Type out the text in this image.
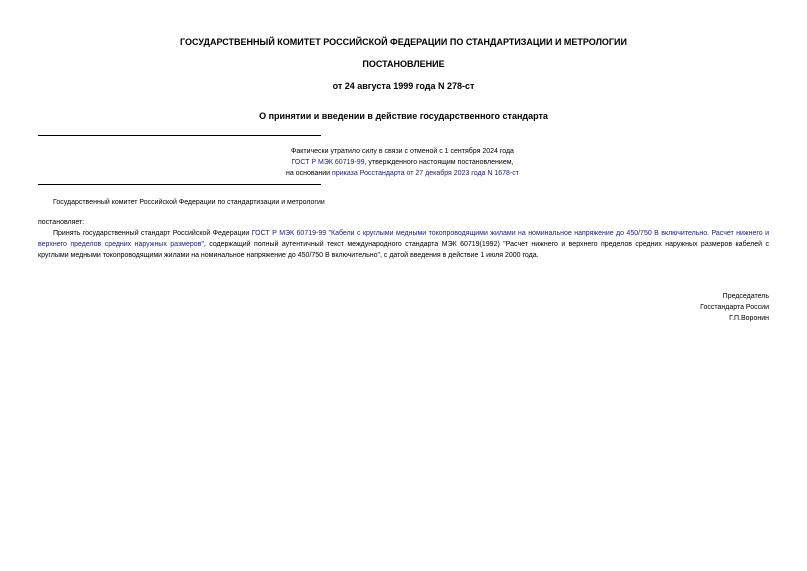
ГОСУДАРСТВЕННЫЙ КОМИТЕТ РОССИЙСКОЙ ФЕДЕРАЦИИ ПО СТАНДАРТИЗАЦИИ И МЕТРОЛОГИИ
ПОСТАНОВЛЕНИЕ
от 24 августа 1999 года N 278-ст
О принятии и введении в действие государственного стандарта
Фактически утратило силу в связи с отменой с 1 сентября 2024 года
ГОСТ Р МЭК 60719-99, утвержденного настоящим постановлением,
на основании приказа Росстандарта от 27 декабря 2023 года N 1678-ст
Государственный комитет Российской Федерации по стандартизации и метрологии
постановляет:
Принять государственный стандарт Российской Федерации ГОСТ Р МЭК 60719-99 "Кабели с круглыми медными токопроводящими жилами на номинальное напряжение до 450/750 В включительно. Расчет нижнего и верхнего пределов средних наружных размеров", содержащий полный аутентичный текст международного стандарта МЭК 60719(1992) "Расчет нижнего и верхнего пределов средних наружных размеров кабелей с круглыми медными токопроводящими жилами на номинальное напряжение до 450/750 В включительно", с датой введения в действие 1 июля 2000 года.
Председатель
Госстандарта России
Г.П.Воронин
